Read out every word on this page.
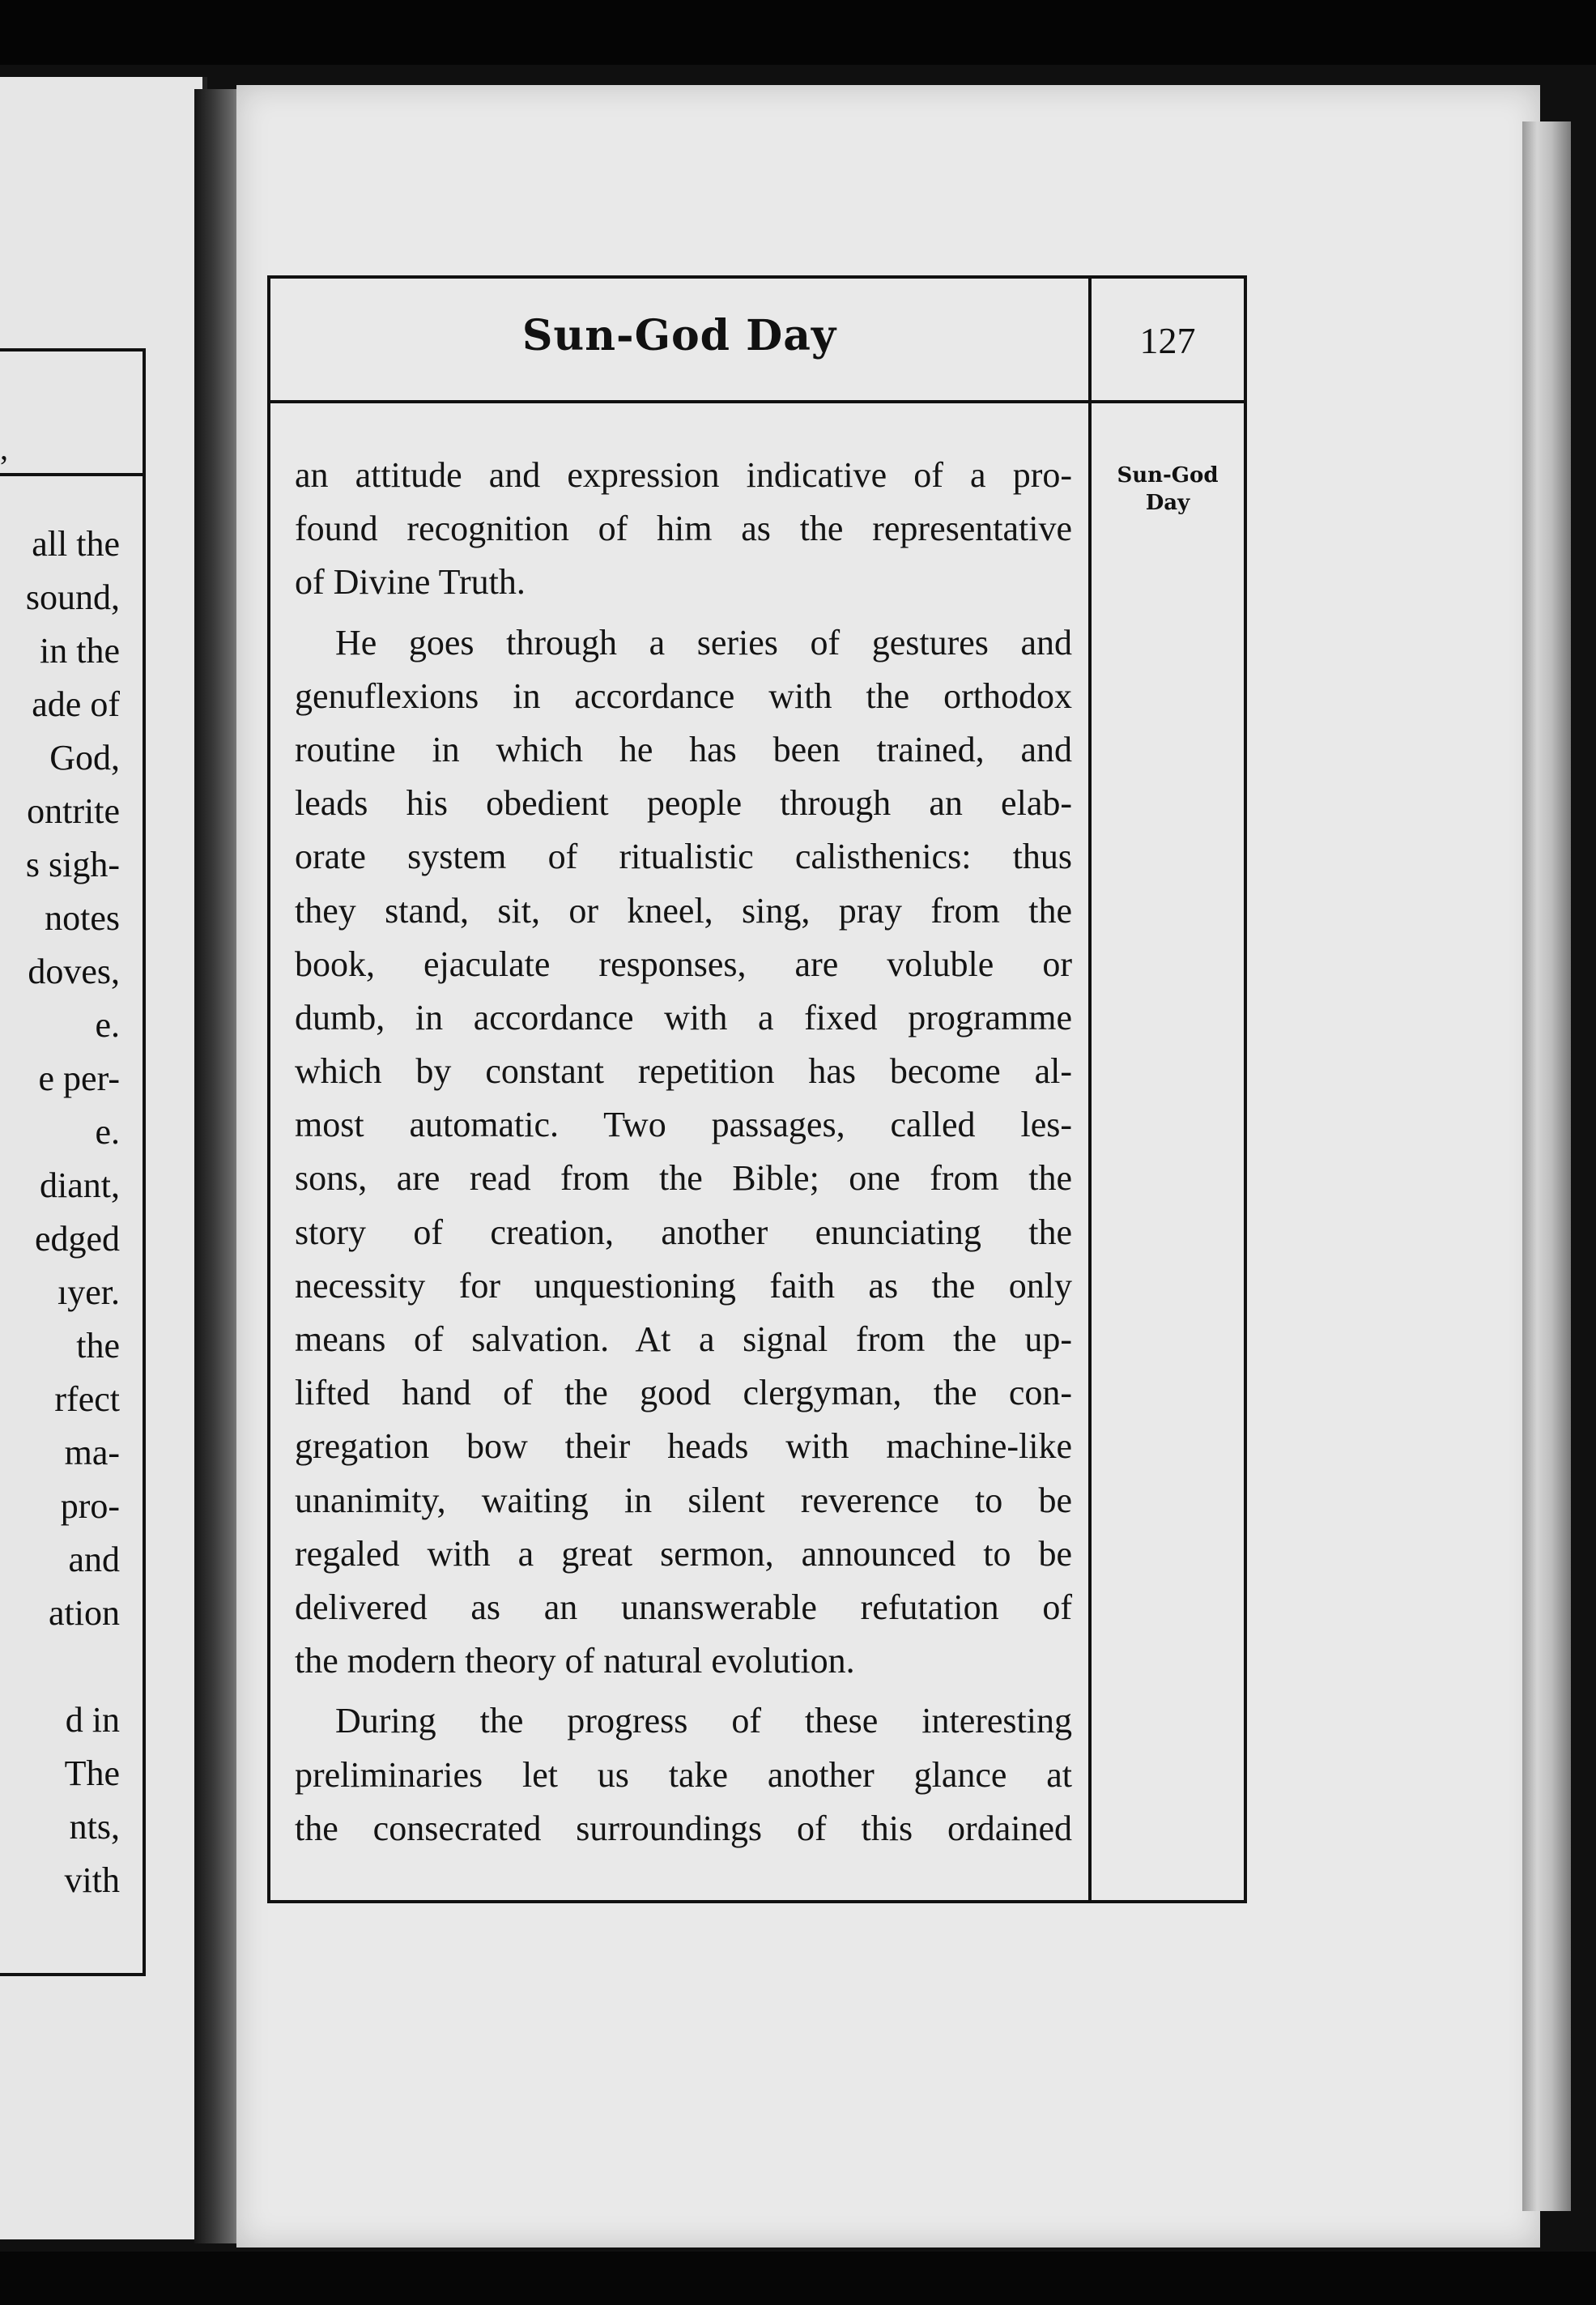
,
all the
sound,
in the
ade of
God,
ontrite
s sigh-
notes
doves,
e.
e per-
e.
diant,
edged
ıyer.
the
rfect
ma-
pro-
and
ation
d in
The
nts,
vith
Sun-God Day	127
Sun-God
Day
an attitude and expression indicative of a pro-
found recognition of him as the representative
of Divine Truth.
He goes through a series of gestures and
genuflexions in accordance with the orthodox
routine in which he has been trained, and
leads his obedient people through an elab-
orate system of ritualistic calisthenics: thus
they stand, sit, or kneel, sing, pray from the
book, ejaculate responses, are voluble or
dumb, in accordance with a fixed programme
which by constant repetition has become al-
most automatic. Two passages, called les-
sons, are read from the Bible; one from the
story of creation, another enunciating the
necessity for unquestioning faith as the only
means of salvation. At a signal from the up-
lifted hand of the good clergyman, the con-
gregation bow their heads with machine-like
unanimity, waiting in silent reverence to be
regaled with a great sermon, announced to be
delivered as an unanswerable refutation of
the modern theory of natural evolution.
During the progress of these interesting
preliminaries let us take another glance at
the consecrated surroundings of this ordained
